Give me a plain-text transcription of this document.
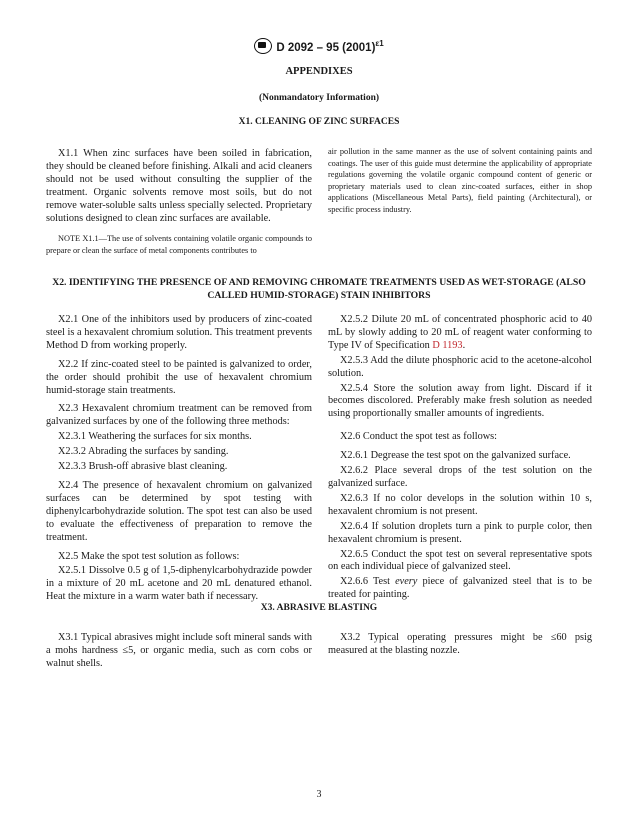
D 2092 – 95 $(2001)^{\varepsilon 1}$
APPENDIXES
(Nonmandatory Information)
X1. CLEANING OF ZINC SURFACES

X1.1 When zinc surfaces have been soiled in fabrication, they should be cleaned before finishing. Alkali and acid cleaners should not be used without consulting the supplier of the treatment. Organic solvents remove most soils, but do not remove water-soluble salts unless specially selected. Proprietary solutions designed to clean zinc surfaces are available.

NOTE X1.1—The use of solvents containing volatile organic compounds to prepare or clean the surface of metal components contributes to

air pollution in the same manner as the use of solvent containing paints and coatings. The user of this guide must determine the applicability of appropriate regulations governing the volatile organic compound content of generic or proprietary materials used to clean zinc-coated surfaces, either in shop applications (Miscellaneous Metal Parts), field painting (Architectural), or specific process industry.
X2. IDENTIFYING THE PRESENCE OF AND REMOVING CHROMATE TREATMENTS USED AS WET-STORAGE (ALSO
CALLED HUMID-STORAGE) STAIN INHIBITORS

X2.1 One of the inhibitors used by producers of zinc-coated steel is a hexavalent chromium solution. This treatment prevents Method D from working properly.

X2.2 If zinc-coated steel to be painted is galvanized to order, the order should prohibit the use of hexavalent chromium humid-storage stain treatments.

X2.3 Hexavalent chromium treatment can be removed from galvanized surfaces by one of the following three methods:

X2.3.1 Weathering the surfaces for six months.

X2.3.2 Abrading the surfaces by sanding.

X2.3.3 Brush-off abrasive blast cleaning.

X2.4 The presence of hexavalent chromium on galvanized surfaces can be determined by spot testing with diphenylcarbohydrazide solution. The spot test can also be used to evaluate the effectiveness of preparation to remove the treatment.

X2.5 Make the spot test solution as follows:

X2.5.1 Dissolve 0.5 g of 1,5-diphenylcarbohydrazide powder in a mixture of 20 mL acetone and 20 mL denatured ethanol. Heat the mixture in a warm water bath if necessary.

X2.5.2 Dilute 20 mL of concentrated phosphoric acid to 40 mL by slowly adding to 20 mL of reagent water conforming to Type IV of Specification D 1193.

X2.5.3 Add the dilute phosphoric acid to the acetone-alcohol solution.

X2.5.4 Store the solution away from light. Discard if it becomes discolored. Preferably make fresh solution as needed using proportionally smaller amounts of ingredients.

X2.6 Conduct the spot test as follows:

X2.6.1 Degrease the test spot on the galvanized surface.

X2.6.2 Place several drops of the test solution on the galvanized surface.

X2.6.3 If no color develops in the solution within 10 s, hexavalent chromium is not present.

X2.6.4 If solution droplets turn a pink to purple color, then hexavalent chromium is present.

X2.6.5 Conduct the spot test on several representative spots on each individual piece of galvanized steel.

X2.6.6 Test every piece of galvanized steel that is to be treated for painting.

X3. ABRASIVE BLASTING

X3.1 Typical abrasives might include soft mineral sands with a mohs hardness ≤5, or organic media, such as corn cobs or walnut shells.

X3.2 Typical operating pressures might be ≤60 psig measured at the blasting nozzle.

3
